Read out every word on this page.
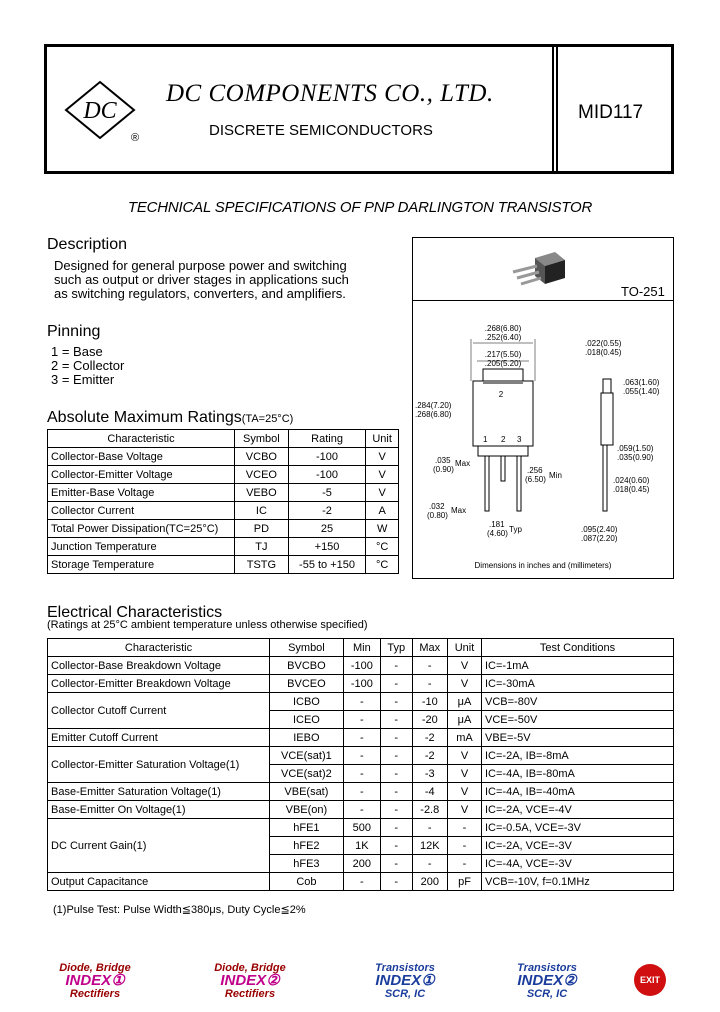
DC
®
DC COMPONENTS CO., LTD.
DISCRETE SEMICONDUCTORS
MID117
TECHNICAL SPECIFICATIONS OF PNP DARLINGTON TRANSISTOR
Description
Designed for general purpose power and switching
such as output or driver stages in applications such
as switching regulators, converters, and amplifiers.
Pinning
1 = Base
2 = Collector
3 = Emitter
TO-251
.268(6.80)
.252(6.40)
.217(5.50)
.205(5.20)
2
.284(7.20)
.268(6.80)
1 2 3
.035 Max
(0.90)	.256
Min
(6.50)
.032 Max
(0.80)
.181
Typ
(4.60)
.022(0.55)
.018(0.45)
.063(1.60)
.055(1.40)
.059(1.50)
.035(0.90)
.024(0.60)
.018(0.45)
.095(2.40)
.087(2.20)
Dimensions in inches and (millimeters)
Absolute Maximum Ratings(TA=25°C)
Characteristic	Symbol	Rating	Unit
Collector-Base Voltage	VCBO	-100	V
Collector-Emitter Voltage	VCEO	-100	V
Emitter-Base Voltage	VEBO	-5	V
Collector Current	IC	-2	A
Total Power Dissipation(TC=25°C)	PD	25	W
Junction Temperature	TJ	+150	°C
Storage Temperature	TSTG	-55 to +150	°C
Electrical Characteristics
(Ratings at 25°C ambient temperature unless otherwise specified)
Characteristic	Symbol	Min	Typ	Max	Unit	Test Conditions
Collector-Base Breakdown Voltage	BVCBO	-100	-	-	V	IC=-1mA
Collector-Emitter Breakdown Voltage	BVCEO	-100	-	-	V	IC=-30mA
Collector Cutoff Current	ICBO	-	-	-10	μA	VCB=-80V
	ICEO	-	-	-20	μA	VCE=-50V
Emitter Cutoff Current	IEBO	-	-	-2	mA	VBE=-5V
Collector-Emitter Saturation Voltage(1)	VCE(sat)1	-	-	-2	V	IC=-2A, IB=-8mA
	VCE(sat)2	-	-	-3	V	IC=-4A, IB=-80mA
Base-Emitter Saturation Voltage(1)	VBE(sat)	-	-	-4	V	IC=-4A, IB=-40mA
Base-Emitter On Voltage(1)	VBE(on)	-	-	-2.8	V	IC=-2A, VCE=-4V
DC Current Gain(1)	hFE1	500	-	-	-	IC=-0.5A, VCE=-3V
	hFE2	1K	-	12K	-	IC=-2A, VCE=-3V
	hFE3	200	-	-	-	IC=-4A, VCE=-3V
Output Capacitance	Cob	-	-	200	pF	VCB=-10V, f=0.1MHz
(1)Pulse Test: Pulse Width≦380μs, Duty Cycle≦2%
Diode, Bridge
INDEX①
Rectifiers
Diode, Bridge
INDEX②
Rectifiers
Transistors
INDEX①
SCR, IC
Transistors
INDEX②
SCR, IC
EXIT
